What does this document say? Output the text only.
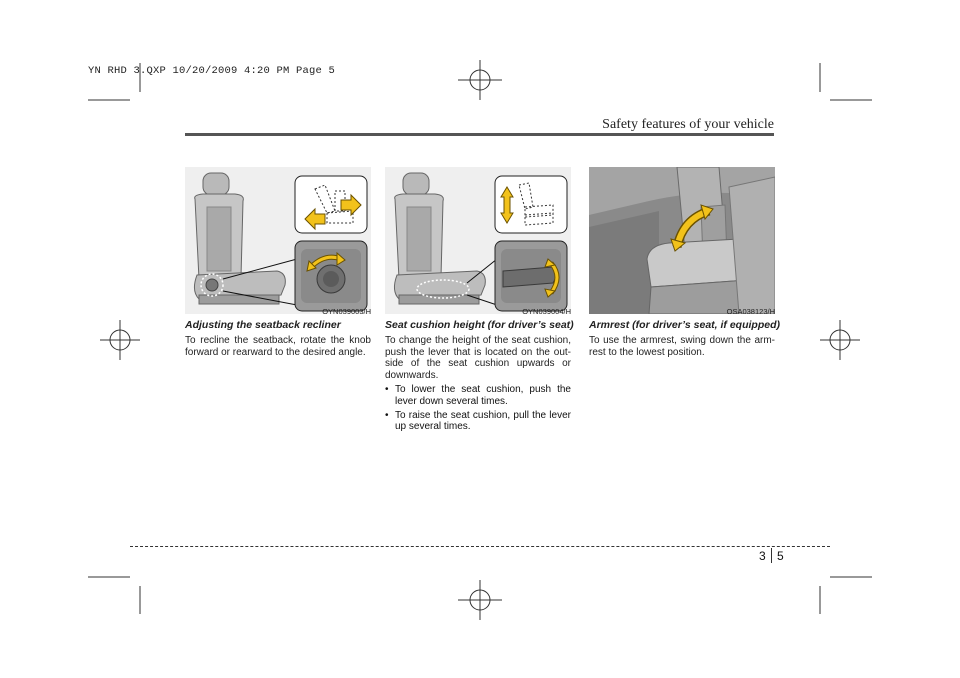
YN RHD 3.QXP 10/20/2009 4:20 PM Page 5
Safety features of your vehicle
OYN039003/H	OYN039004/H	OSA038123/H
Adjusting the seatback recliner
To recline the seatback, rotate the knob forward or rearward to the desired angle.
Seat cushion height (for driver’s seat)
To change the height of the seat cushion, push the lever that is located on the out-side of the seat cushion upwards or downwards.
• To lower the seat cushion, push the lever down several times.
• To raise the seat cushion, pull the lever up several times.
Armrest (for driver’s seat, if equipped)
To use the armrest, swing down the arm-rest to the lowest position.
3 5
